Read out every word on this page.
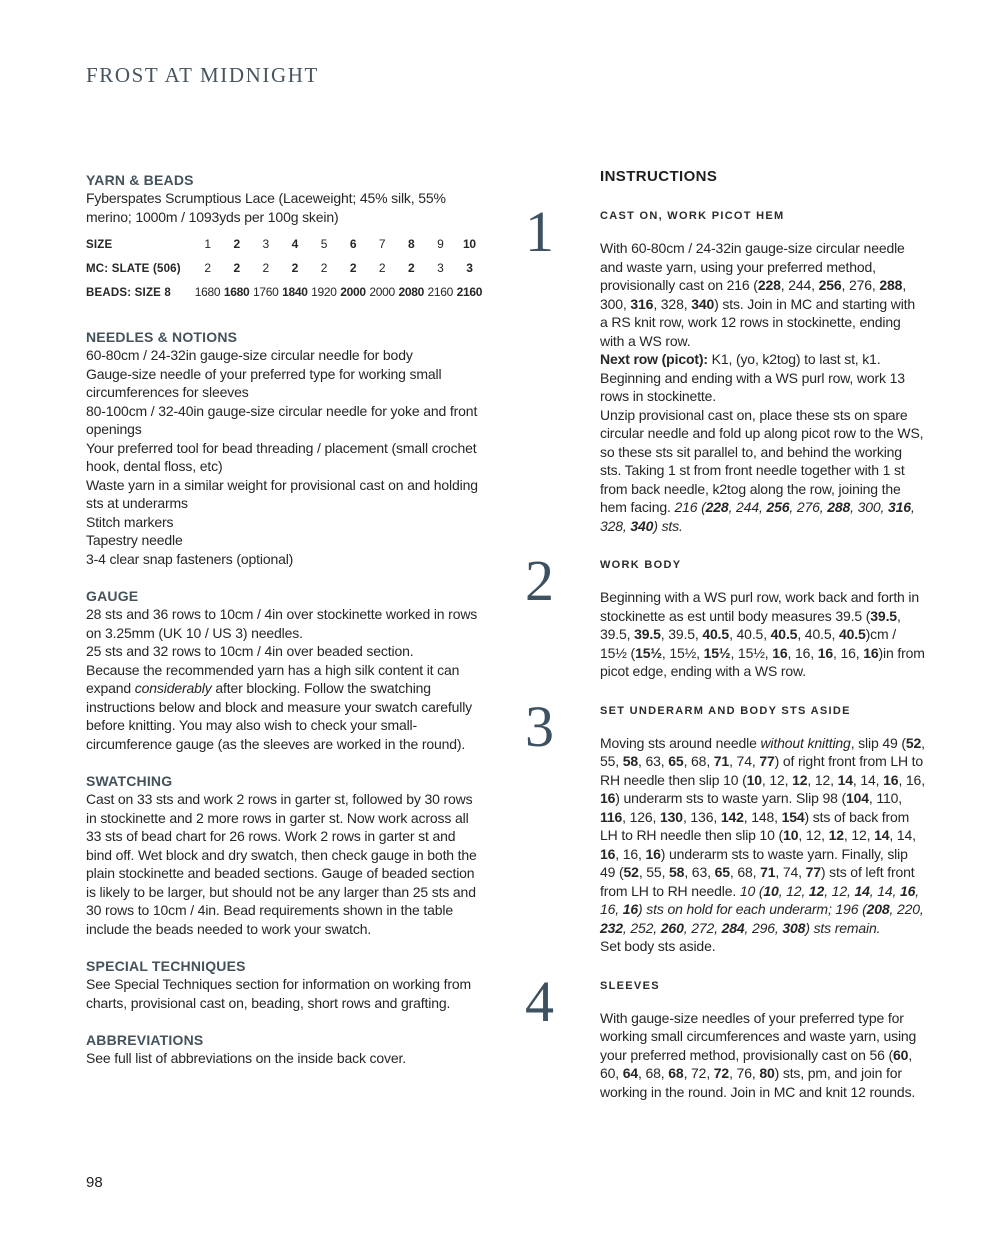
FROST AT MIDNIGHT
YARN & BEADS

Fyberspates Scrumptious Lace (Laceweight; 45% silk, 55% merino; 1000m / 1093yds per 100g skein)

SIZE	1	2	3	4	5	6	7	8	9	10
MC: SLATE (506)	2	2	2	2	2	2	2	2	3	3
BEADS: SIZE 8	1680 1680 1760 1840 1920 2000 2000 2080 2160 2160
NEEDLES & NOTIONS

60-80cm / 24-32in gauge-size circular needle for body

Gauge-size needle of your preferred type for working small circumferences for sleeves

80-100cm / 32-40in gauge-size circular needle for yoke and front openings

Your preferred tool for bead threading / placement (small crochet hook, dental floss, etc)

Waste yarn in a similar weight for provisional cast on and holding sts at underarms

Stitch markers

Tapestry needle

3-4 clear snap fasteners (optional)

GAUGE

28 sts and 36 rows to 10cm / 4in over stockinette worked in rows on 3.25mm (UK 10 / US 3) needles.

25 sts and 32 rows to 10cm / 4in over beaded section.

Because the recommended yarn has a high silk content it can expand considerably after blocking. Follow the swatching instructions below and block and measure your swatch carefully before knitting. You may also wish to check your small-circumference gauge (as the sleeves are worked in the round).

SWATCHING

Cast on 33 sts and work 2 rows in garter st, followed by 30 rows in stockinette and 2 more rows in garter st. Now work across all 33 sts of bead chart for 26 rows. Work 2 rows in garter st and bind off. Wet block and dry swatch, then check gauge in both the plain stockinette and beaded sections. Gauge of beaded section is likely to be larger, but should not be any larger than 25 sts and 30 rows to 10cm / 4in. Bead requirements shown in the table include the beads needed to work your swatch.

SPECIAL TECHNIQUES

See Special Techniques section for information on working from charts, provisional cast on, beading, short rows and grafting.

ABBREVIATIONS

See full list of abbreviations on the inside back cover.

INSTRUCTIONS
1	CAST ON, WORK PICOT HEM

With 60-80cm / 24-32in gauge-size circular needle and waste yarn, using your preferred method, provisionally cast on 216 (228, 244, 256, 276, 288, 300, 316, 328, 340) sts. Join in MC and starting with a RS knit row, work 12 rows in stockinette, ending with a WS row.

Next row (picot): K1, (yo, k2tog) to last st, k1.

Beginning and ending with a WS purl row, work 13 rows in stockinette.

Unzip provisional cast on, place these sts on spare circular needle and fold up along picot row to the WS, so these sts sit parallel to, and behind the working sts. Taking 1 st from front needle together with 1 st from back needle, k2tog along the row, joining the hem facing. 216 (228, 244, 256, 276, 288, 300, 316, 328, 340) sts.

2	WORK BODY

Beginning with a WS purl row, work back and forth in stockinette as est until body measures 39.5 (39.5, 39.5, 39.5, 39.5, 40.5, 40.5, 40.5, 40.5, 40.5)cm / 15½ (15½, 15½, 15½, 15½, 16, 16, 16, 16, 16)in from picot edge, ending with a WS row.

3	SET UNDERARM AND BODY STS ASIDE

Moving sts around needle without knitting, slip 49 (52, 55, 58, 63, 65, 68, 71, 74, 77) of right front from LH to RH needle then slip 10 (10, 12, 12, 12, 14, 14, 16, 16, 16) underarm sts to waste yarn. Slip 98 (104, 110, 116, 126, 130, 136, 142, 148, 154) sts of back from LH to RH needle then slip 10 (10, 12, 12, 12, 14, 14, 16, 16, 16) underarm sts to waste yarn. Finally, slip 49 (52, 55, 58, 63, 65, 68, 71, 74, 77) sts of left front from LH to RH needle. 10 (10, 12, 12, 12, 14, 14, 16, 16, 16) sts on hold for each underarm; 196 (208, 220, 232, 252, 260, 272, 284, 296, 308) sts remain.

Set body sts aside.

4	SLEEVES

With gauge-size needles of your preferred type for working small circumferences and waste yarn, using your preferred method, provisionally cast on 56 (60, 60, 64, 68, 68, 72, 72, 76, 80) sts, pm, and join for working in the round. Join in MC and knit 12 rounds.

98
